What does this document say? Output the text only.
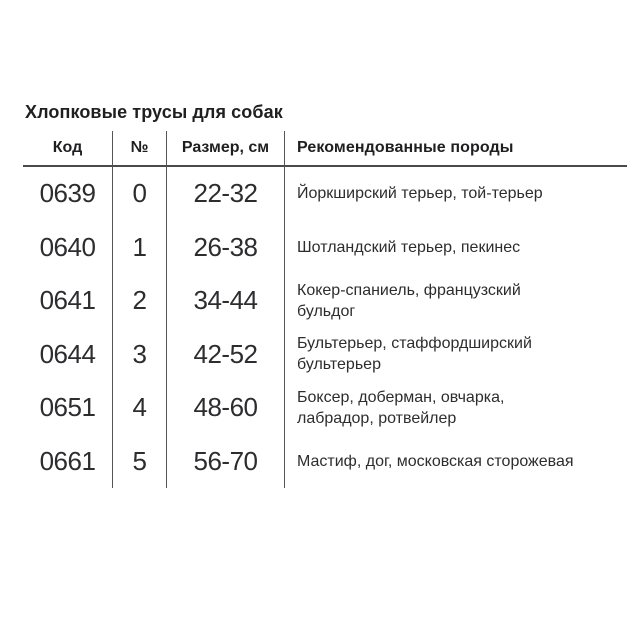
Хлопковые трусы для собак
Код	№	Размер, см	Рекомендованные породы
0639	0	22-32	Йоркширский терьер, той-терьер
0640	1	26-38	Шотландский терьер, пекинес
0641	2	34-44	Кокер-спаниель, французский
бульдог
0644	3	42-52	Бультерьер, стаффордширский
бультерьер
0651	4	48-60	Боксер, доберман, овчарка,
лабрадор, ротвейлер
0661	5	56-70	Мастиф, дог, московская сторожевая
